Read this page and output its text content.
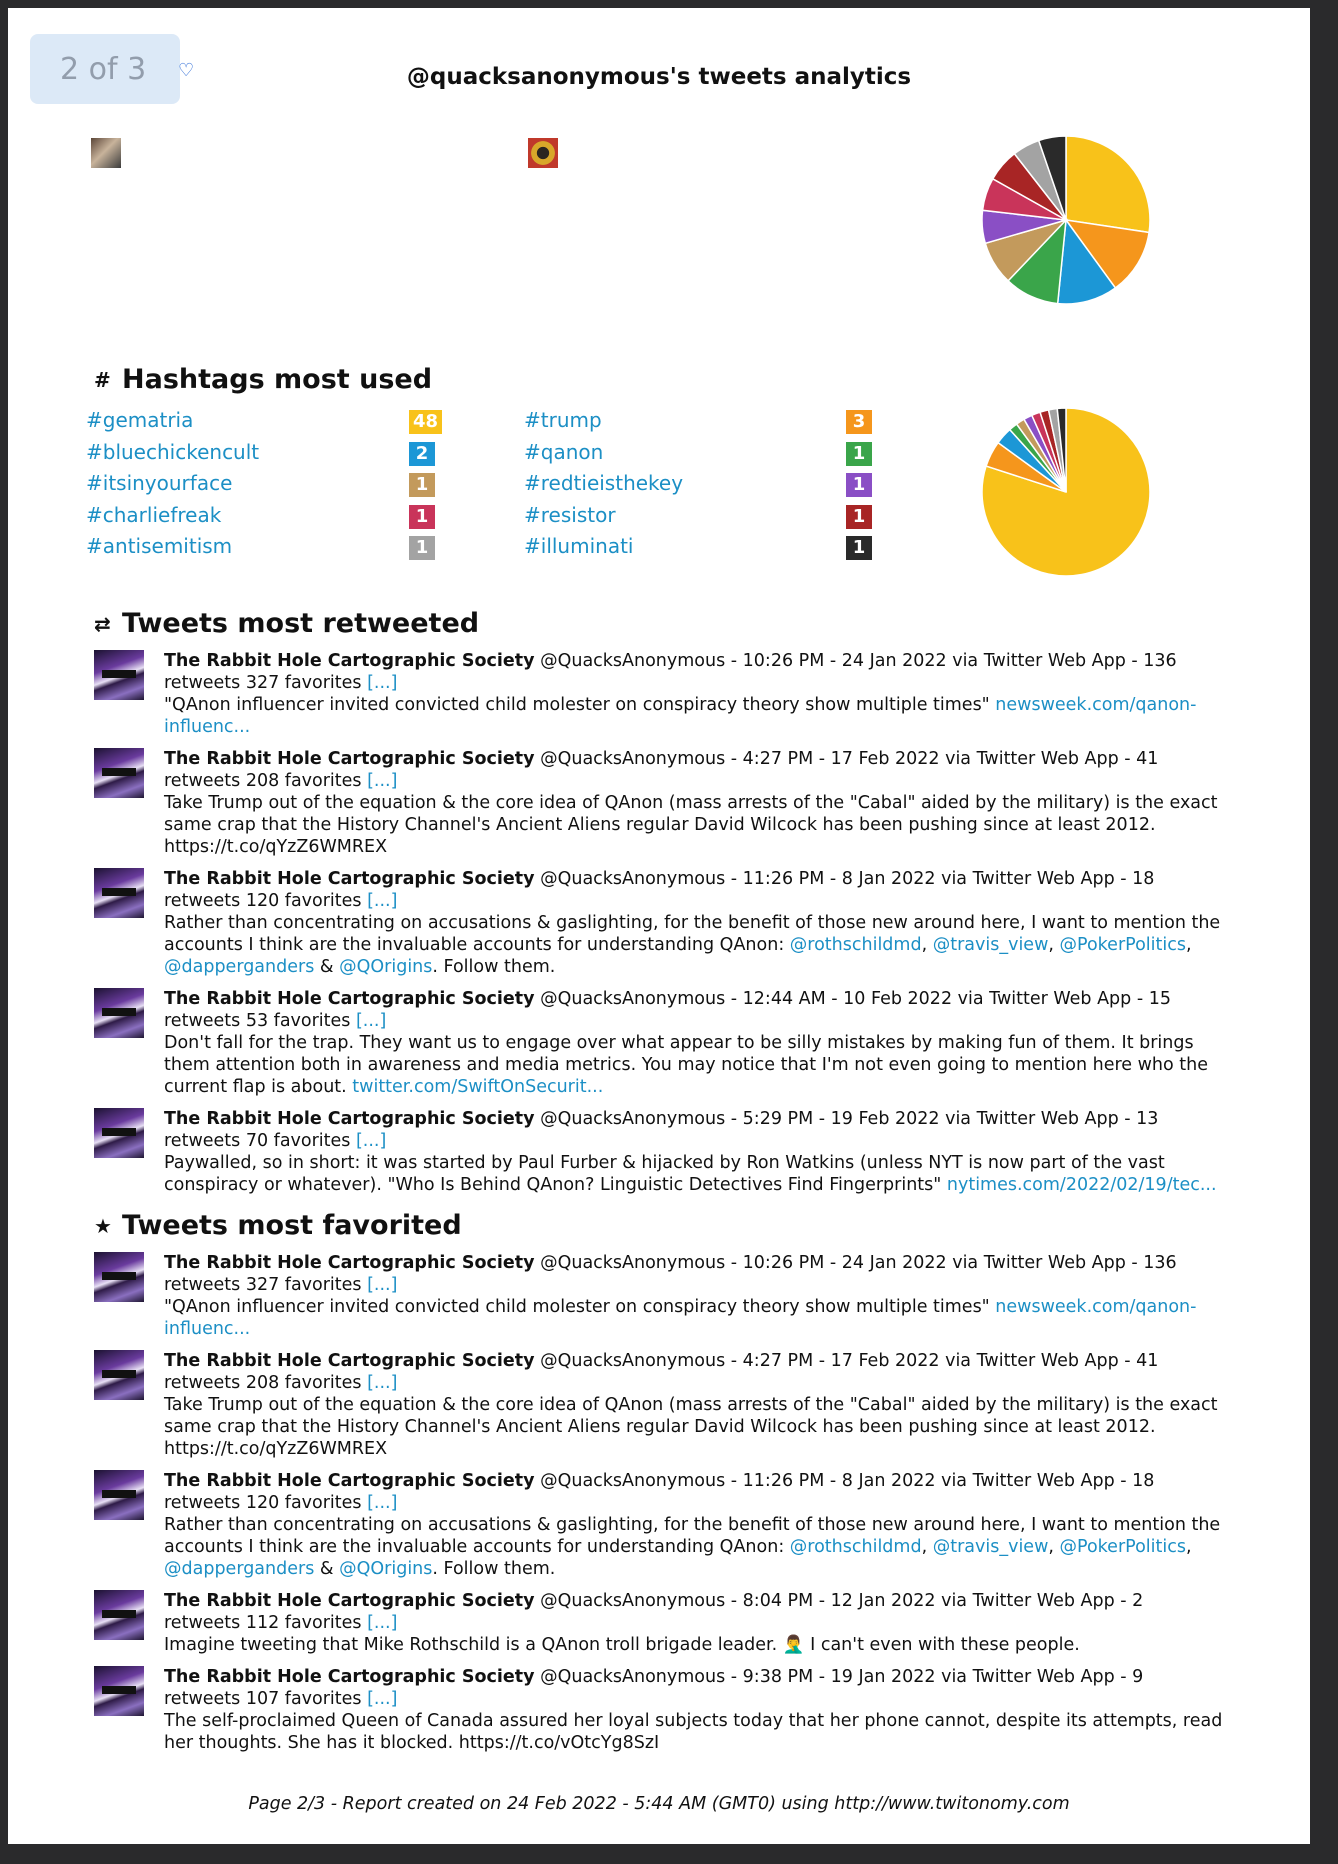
2 of 3 ♡	@quacksanonymous's tweets analytics
# Hashtags most used
#gematria	48	#trump	3
#bluechickencult	2	#qanon	1
#itsinyourface	1	#redtieisthekey	1
#charliefreak	1	#resistor	1
#antisemitism	1	#illuminati	1
⇄ Tweets most retweeted
The Rabbit Hole Cartographic Society @QuacksAnonymous - 10:26 PM - 24 Jan 2022 via Twitter Web App - 136 retweets 327 favorites [...]
"QAnon influencer invited convicted child molester on conspiracy theory show multiple times" newsweek.com/qanon-influenc...
The Rabbit Hole Cartographic Society @QuacksAnonymous - 4:27 PM - 17 Feb 2022 via Twitter Web App - 41 retweets 208 favorites [...]
Take Trump out of the equation & the core idea of QAnon (mass arrests of the "Cabal" aided by the military) is the exact same crap that the History Channel's Ancient Aliens regular David Wilcock has been pushing since at least 2012. https://t.co/qYzZ6WMREX
The Rabbit Hole Cartographic Society @QuacksAnonymous - 11:26 PM - 8 Jan 2022 via Twitter Web App - 18 retweets 120 favorites [...]
Rather than concentrating on accusations & gaslighting, for the benefit of those new around here, I want to mention the accounts I think are the invaluable accounts for understanding QAnon: @rothschildmd, @travis_view, @PokerPolitics, @dapperganders & @QOrigins. Follow them.
The Rabbit Hole Cartographic Society @QuacksAnonymous - 12:44 AM - 10 Feb 2022 via Twitter Web App - 15 retweets 53 favorites [...]
Don't fall for the trap. They want us to engage over what appear to be silly mistakes by making fun of them. It brings them attention both in awareness and media metrics. You may notice that I'm not even going to mention here who the current flap is about. twitter.com/SwiftOnSecurit...
The Rabbit Hole Cartographic Society @QuacksAnonymous - 5:29 PM - 19 Feb 2022 via Twitter Web App - 13 retweets 70 favorites [...]
Paywalled, so in short: it was started by Paul Furber & hijacked by Ron Watkins (unless NYT is now part of the vast conspiracy or whatever). "Who Is Behind QAnon? Linguistic Detectives Find Fingerprints" nytimes.com/2022/02/19/tec...
★ Tweets most favorited
The Rabbit Hole Cartographic Society @QuacksAnonymous - 10:26 PM - 24 Jan 2022 via Twitter Web App - 136 retweets 327 favorites [...]
"QAnon influencer invited convicted child molester on conspiracy theory show multiple times" newsweek.com/qanon-influenc...
The Rabbit Hole Cartographic Society @QuacksAnonymous - 4:27 PM - 17 Feb 2022 via Twitter Web App - 41 retweets 208 favorites [...]
Take Trump out of the equation & the core idea of QAnon (mass arrests of the "Cabal" aided by the military) is the exact same crap that the History Channel's Ancient Aliens regular David Wilcock has been pushing since at least 2012. https://t.co/qYzZ6WMREX
The Rabbit Hole Cartographic Society @QuacksAnonymous - 11:26 PM - 8 Jan 2022 via Twitter Web App - 18 retweets 120 favorites [...]
Rather than concentrating on accusations & gaslighting, for the benefit of those new around here, I want to mention the accounts I think are the invaluable accounts for understanding QAnon: @rothschildmd, @travis_view, @PokerPolitics, @dapperganders & @QOrigins. Follow them.
The Rabbit Hole Cartographic Society @QuacksAnonymous - 8:04 PM - 12 Jan 2022 via Twitter Web App - 2 retweets 112 favorites [...]
Imagine tweeting that Mike Rothschild is a QAnon troll brigade leader. 🤦‍♂️ I can't even with these people.
The Rabbit Hole Cartographic Society @QuacksAnonymous - 9:38 PM - 19 Jan 2022 via Twitter Web App - 9 retweets 107 favorites [...]
The self-proclaimed Queen of Canada assured her loyal subjects today that her phone cannot, despite its attempts, read her thoughts. She has it blocked. https://t.co/vOtcYg8SzI
Page 2/3 - Report created on 24 Feb 2022 - 5:44 AM (GMT0) using http://www.twitonomy.com
